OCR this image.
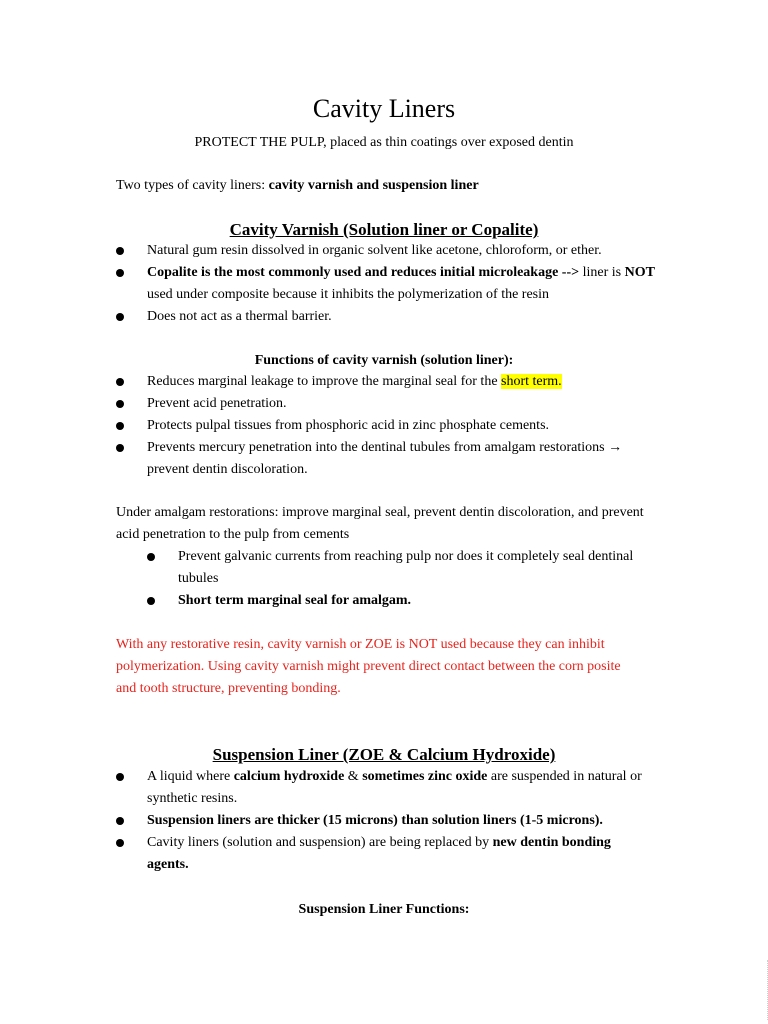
Cavity Liners
PROTECT THE PULP, placed as thin coatings over exposed dentin
Two types of cavity liners: cavity varnish and suspension liner
Cavity Varnish (Solution liner or Copalite)
Natural gum resin dissolved in organic solvent like acetone, chloroform, or ether.
Copalite is the most commonly used and reduces initial microleakage --> liner is NOT used under composite because it inhibits the polymerization of the resin
Does not act as a thermal barrier.
Functions of cavity varnish (solution liner):
Reduces marginal leakage to improve the marginal seal for the short term.
Prevent acid penetration.
Protects pulpal tissues from phosphoric acid in zinc phosphate cements.
Prevents mercury penetration into the dentinal tubules from amalgam restorations → prevent dentin discoloration.
Under amalgam restorations: improve marginal seal, prevent dentin discoloration, and prevent acid penetration to the pulp from cements
Prevent galvanic currents from reaching pulp nor does it completely seal dentinal tubules
Short term marginal seal for amalgam.
With any restorative resin, cavity varnish or ZOE is NOT used because they can inhibit polymerization. Using cavity varnish might prevent direct contact between the corn posite and tooth structure, preventing bonding.
Suspension Liner (ZOE & Calcium Hydroxide)
A liquid where calcium hydroxide & sometimes zinc oxide are suspended in natural or synthetic resins.
Suspension liners are thicker (15 microns) than solution liners (1-5 microns).
Cavity liners (solution and suspension) are being replaced by new dentin bonding agents.
Suspension Liner Functions:
